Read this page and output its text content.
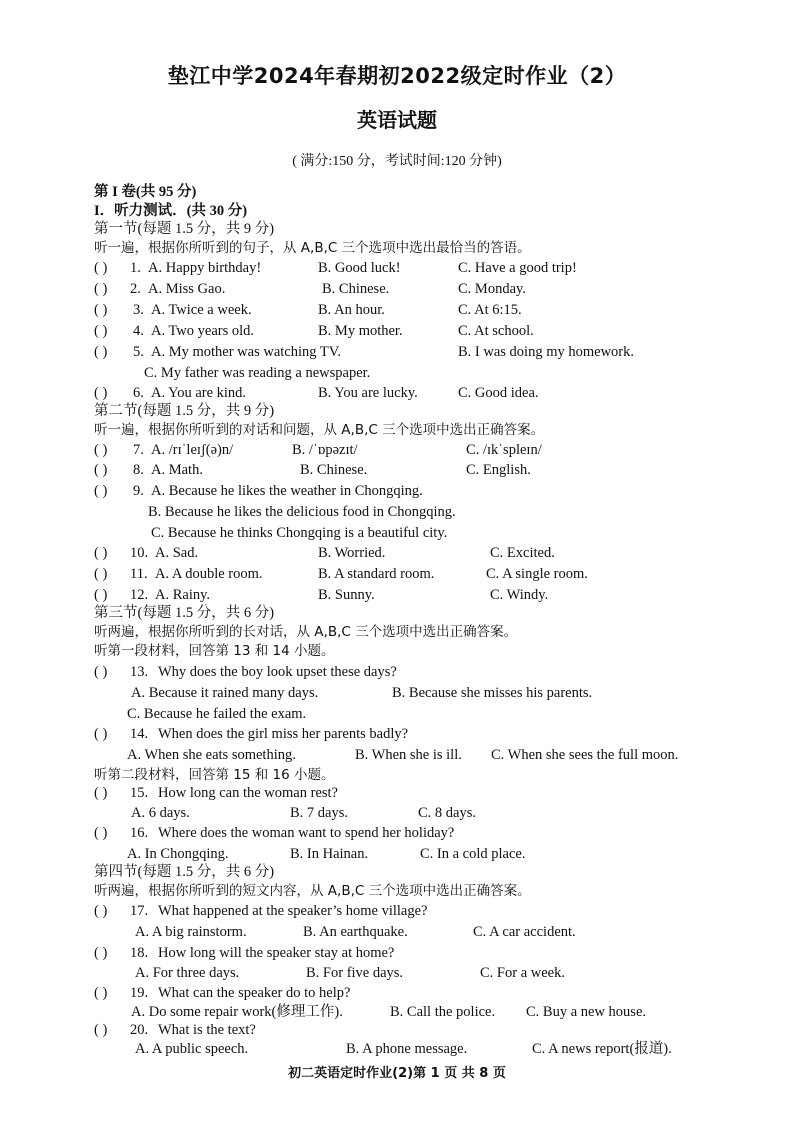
垫江中学2024年春期初2022级定时作业（2）
英语试题
( 满分:150 分，考试时间:120 分钟)
第 I 卷(共 95 分)
I．听力测试．(共 30 分)
第一节(每题 1.5 分，共 9 分)
听一遍，根据你所听到的句子，从 A,B,C 三个选项中选出最恰当的答语。
( ) 1. A. Happy birthday!	B. Good luck!	C. Have a good trip!
( ) 2. A. Miss Gao.	B. Chinese.	C. Monday.
( ) 3. A. Twice a week.	B. An hour.	C. At 6:15.
( ) 4. A. Two years old.	B. My mother.	C. At school.
( ) 5. A. My mother was watching TV.	B. I was doing my homework.
C. My father was reading a newspaper.
( ) 6. A. You are kind.	B. You are lucky.	C. Good idea.
第二节(每题 1.5 分，共 9 分)
听一遍，根据你所听到的对话和问题，从 A,B,C 三个选项中选出正确答案。
( ) 7. A. /rɪˈleɪʃ(ə)n/	B. /ˈɒpəzɪt/	C. /ɪkˈspleɪn/
( ) 8. A. Math.	B. Chinese.	C. English.
( ) 9. A. Because he likes the weather in Chongqing.
B. Because he likes the delicious food in Chongqing.
C. Because he thinks Chongqing is a beautiful city.
( ) 10. A. Sad.	B. Worried.	C. Excited.
( ) 11. A. A double room.	B. A standard room.	C. A single room.
( ) 12. A. Rainy.	B. Sunny.	C. Windy.
第三节(每题 1.5 分，共 6 分)
听两遍，根据你所听到的长对话，从 A,B,C 三个选项中选出正确答案。
听第一段材料，回答第 13 和 14 小题。
( ) 13. Why does the boy look upset these days?
A. Because it rained many days.	B. Because she misses his parents.
C. Because he failed the exam.
( ) 14. When does the girl miss her parents badly?
A. When she eats something.	B. When she is ill. C. When she sees the full moon.
听第二段材料，回答第 15 和 16 小题。
( ) 15. How long can the woman rest?
A. 6 days.	B. 7 days.	C. 8 days.
( ) 16. Where does the woman want to spend her holiday?
A. In Chongqing.	B. In Hainan.	C. In a cold place.
第四节(每题 1.5 分，共 6 分)
听两遍，根据你所听到的短文内容，从 A,B,C 三个选项中选出正确答案。
( ) 17. What happened at the speaker’s home village?
A. A big rainstorm.	B. An earthquake.	C. A car accident.
( ) 18. How long will the speaker stay at home?
A. For three days.	B. For five days.	C. For a week.
( ) 19. What can the speaker do to help?
A. Do some repair work(修理工作).	B. Call the police. C. Buy a new house.
( ) 20. What is the text?
A. A public speech.	B. A phone message.	C. A news report(报道).
初二英语定时作业(2)第 1 页 共 8 页
